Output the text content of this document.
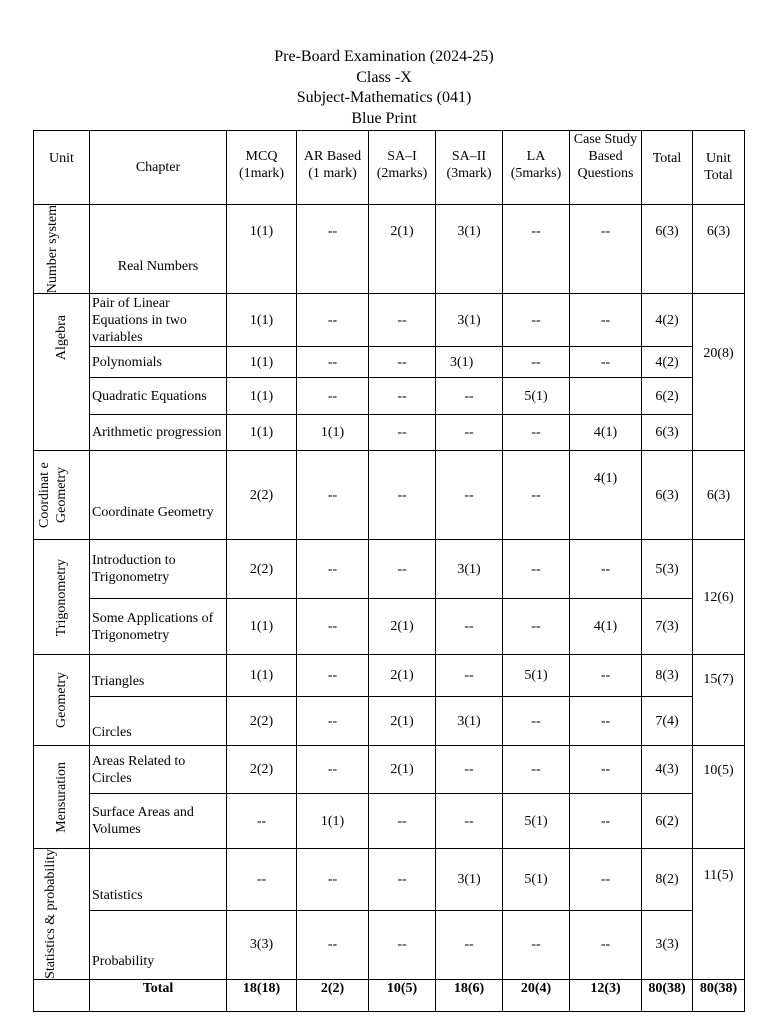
Pre-Board Examination (2024-25)
Class -X
Subject-Mathematics (041)
Blue Print
Unit	Chapter	MCQ (1mark)	AR Based (1 mark)	SA–I (2marks)	SA–II (3mark)	LA (5marks)	Case Study Based Questions	Total	Unit Total

Number system	Real Numbers	1(1)	--	2(1)	3(1)	--	--	6(3)	6(3)

Algebra	Pair of Linear Equations in two variables	1(1)	--	--	3(1)	--	--	4(2)	20(8)
	Polynomials	1(1)	--	--	3(1)	--	--	4(2)	
	Quadratic Equations	1(1)	--	--	--	5(1)		6(2)	
	Arithmetic progression	1(1)	1(1)	--	--	--	4(1)	6(3)	

Coordinat e Geometry	Coordinate Geometry	2(2)	--	--	--	--	4(1)	6(3)	6(3)

Trigonometry	Introduction to Trigonometry	2(2)	--	--	3(1)	--	--	5(3)	12(6)
	Some Applications of Trigonometry	1(1)	--	2(1)	--	--	4(1)	7(3)	

Geometry	Triangles	1(1)	--	2(1)	--	5(1)	--	8(3)	15(7)
	Circles	2(2)	--	2(1)	3(1)	--	--	7(4)	

Mensuration	Areas Related to Circles	2(2)	--	2(1)	--	--	--	4(3)	10(5)
	Surface Areas and Volumes	--	1(1)	--	--	5(1)	--	6(2)	

Statistics & probability	Statistics	--	--	--	3(1)	5(1)	--	8(2)	11(5)
	Probability	3(3)	--	--	--	--	--	3(3)	
	Total	18(18)	2(2)	10(5)	18(6)	20(4)	12(3)	80(38)	80(38)
